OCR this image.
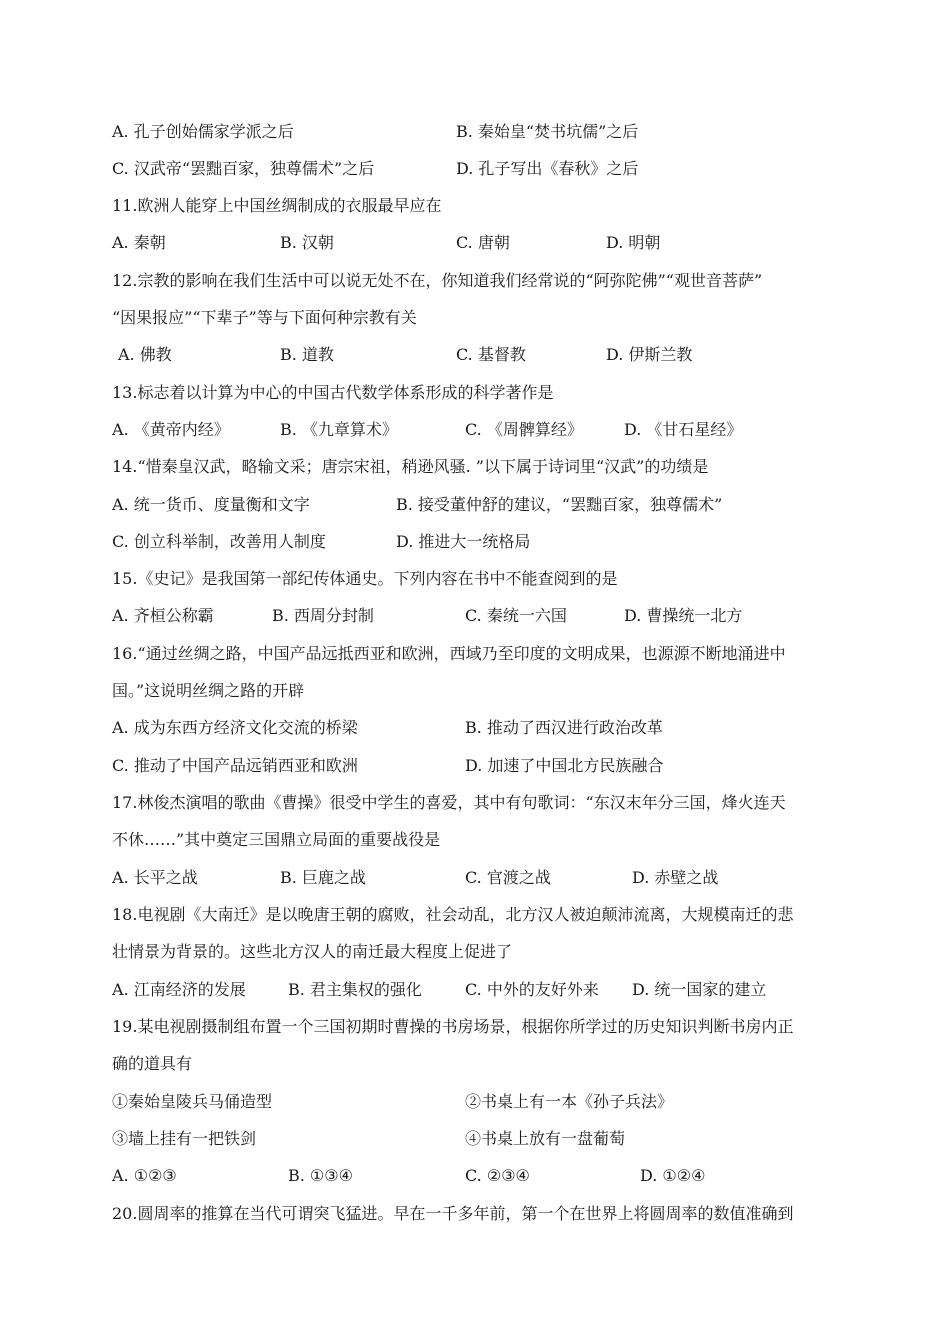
A. 孔子创始儒家学派之后	B. 秦始皇“焚书坑儒”之后
C. 汉武帝“罢黜百家，独尊儒术”之后	D. 孔子写出《春秋》之后
11.欧洲人能穿上中国丝绸制成的衣服最早应在
A. 秦朝	B. 汉朝	C. 唐朝	D. 明朝
12.宗教的影响在我们生活中可以说无处不在，你知道我们经常说的“阿弥陀佛”“观世音菩萨”
“因果报应”“下辈子”等与下面何种宗教有关
A. 佛教	B. 道教	C. 基督教	D. 伊斯兰教
13.标志着以计算为中心的中国古代数学体系形成的科学著作是
A. 《黄帝内经》	B. 《九章算术》	C. 《周髀算经》	D. 《甘石星经》
14.“惜秦皇汉武，略输文采；唐宗宋祖，稍逊风骚. ”以下属于诗词里“汉武”的功绩是
A. 统一货币、度量衡和文字	B. 接受董仲舒的建议，“罢黜百家，独尊儒术”
C. 创立科举制，改善用人制度	D. 推进大一统格局
15.《史记》是我国第一部纪传体通史。下列内容在书中不能查阅到的是
A. 齐桓公称霸	B. 西周分封制	C. 秦统一六国	D. 曹操统一北方
16.“通过丝绸之路，中国产品远抵西亚和欧洲，西域乃至印度的文明成果，也源源不断地涌进中
国。”这说明丝绸之路的开辟
A. 成为东西方经济文化交流的桥梁	B. 推动了西汉进行政治改革
C. 推动了中国产品远销西亚和欧洲	D. 加速了中国北方民族融合
17.林俊杰演唱的歌曲《曹操》很受中学生的喜爱，其中有句歌词：“东汉末年分三国，烽火连天
不休……”其中奠定三国鼎立局面的重要战役是
A. 长平之战	B. 巨鹿之战	C. 官渡之战	D. 赤壁之战
18.电视剧《大南迁》是以晚唐王朝的腐败，社会动乱，北方汉人被迫颠沛流离，大规模南迁的悲
壮情景为背景的。这些北方汉人的南迁最大程度上促进了
A. 江南经济的发展	B. 君主集权的强化	C. 中外的友好外来 D. 统一国家的建立
19.某电视剧摄制组布置一个三国初期时曹操的书房场景，根据你所学过的历史知识判断书房内正
确的道具有
①秦始皇陵兵马俑造型	②书桌上有一本《孙子兵法》
③墙上挂有一把铁剑	④书桌上放有一盘葡萄
A. ①②③	B. ①③④	C. ②③④	D. ①②④
20.圆周率的推算在当代可谓突飞猛进。早在一千多年前，第一个在世界上将圆周率的数值准确到
